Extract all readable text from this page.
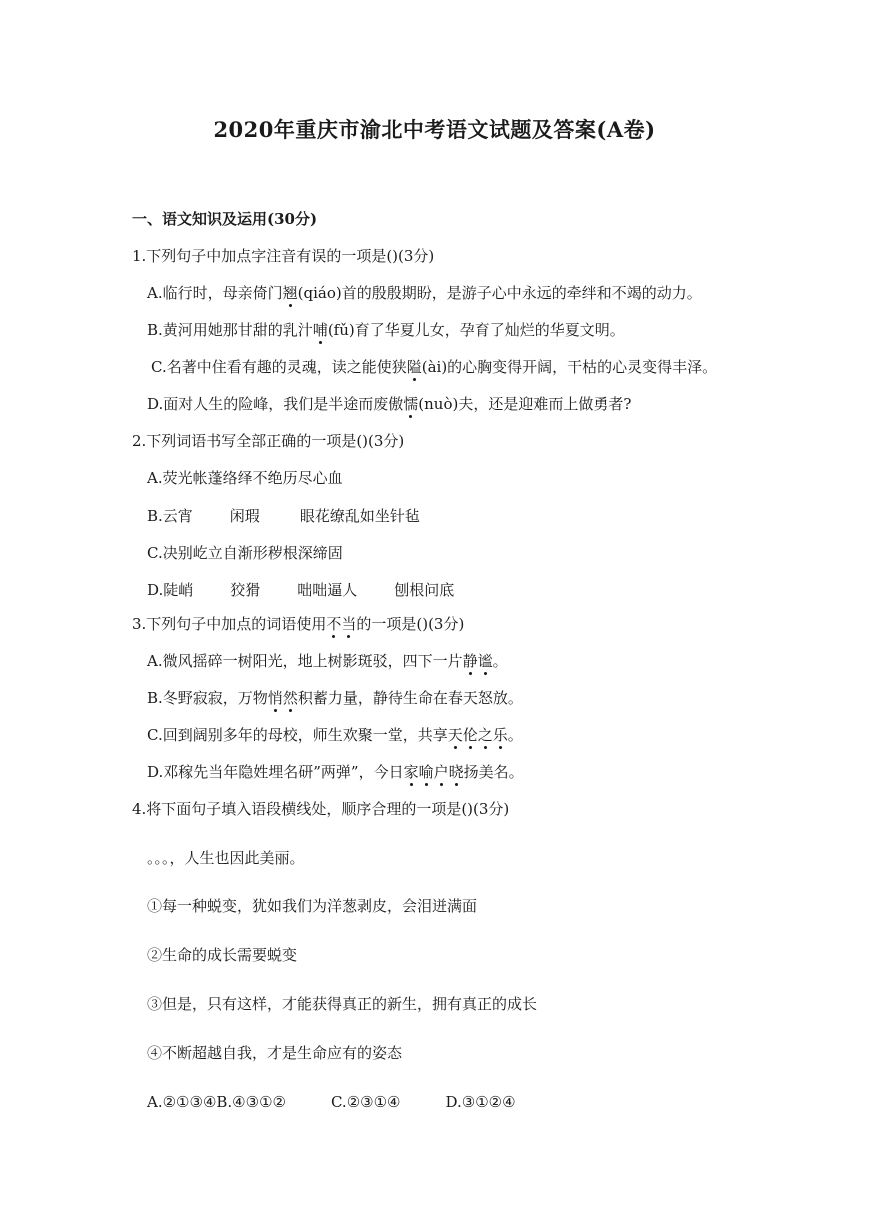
2020年重庆市渝北中考语文试题及答案(A卷)
一、语文知识及运用(30分)
1.下列句子中加点字注音有误的一项是()(3分)
A.临行时，母亲倚门翘(qiáo)首的殷殷期盼，是游子心中永远的牵绊和不竭的动力。
B.黄河用她那甘甜的乳汁哺(fǔ)育了华夏儿女，孕育了灿烂的华夏文明。
C.名著中住看有趣的灵魂，读之能使狭隘(ài)的心胸变得开阔，干枯的心灵变得丰泽。
D.面对人生的险峰，我们是半途而废傲懦(nuò)夫，还是迎难而上做勇者?
2.下列词语书写全部正确的一项是()(3分)
A.荧光帐蓬络绎不绝历尽心血
B.云宵 闲瑕	眼花缭乱如坐针毡
C.决别屹立自渐形秽根深缔固
D.陡峭 狡猾 咄咄逼人 刨根问底
3.下列句子中加点的词语使用不当的一项是()(3分)
A.微风摇碎一树阳光，地上树影斑驳，四下一片静谧。
B.冬野寂寂，万物悄然积蓄力量，静待生命在春天怒放。
C.回到阔别多年的母校，师生欢聚一堂，共享天伦之乐。
D.邓稼先当年隐姓埋名研”两弹”，今日家喻户晓扬美名。
4.将下面句子填入语段横线处，顺序合理的一项是()(3分)
。。。，人生也因此美丽。
①每一种蜕变，犹如我们为洋葱剥皮，会泪迸满面
②生命的成长需要蜕变
③但是，只有这样，才能获得真正的新生，拥有真正的成长
④不断超越自我，才是生命应有的姿态
A.②①③④B.④③①②	C.②③①④	D.③①②④
